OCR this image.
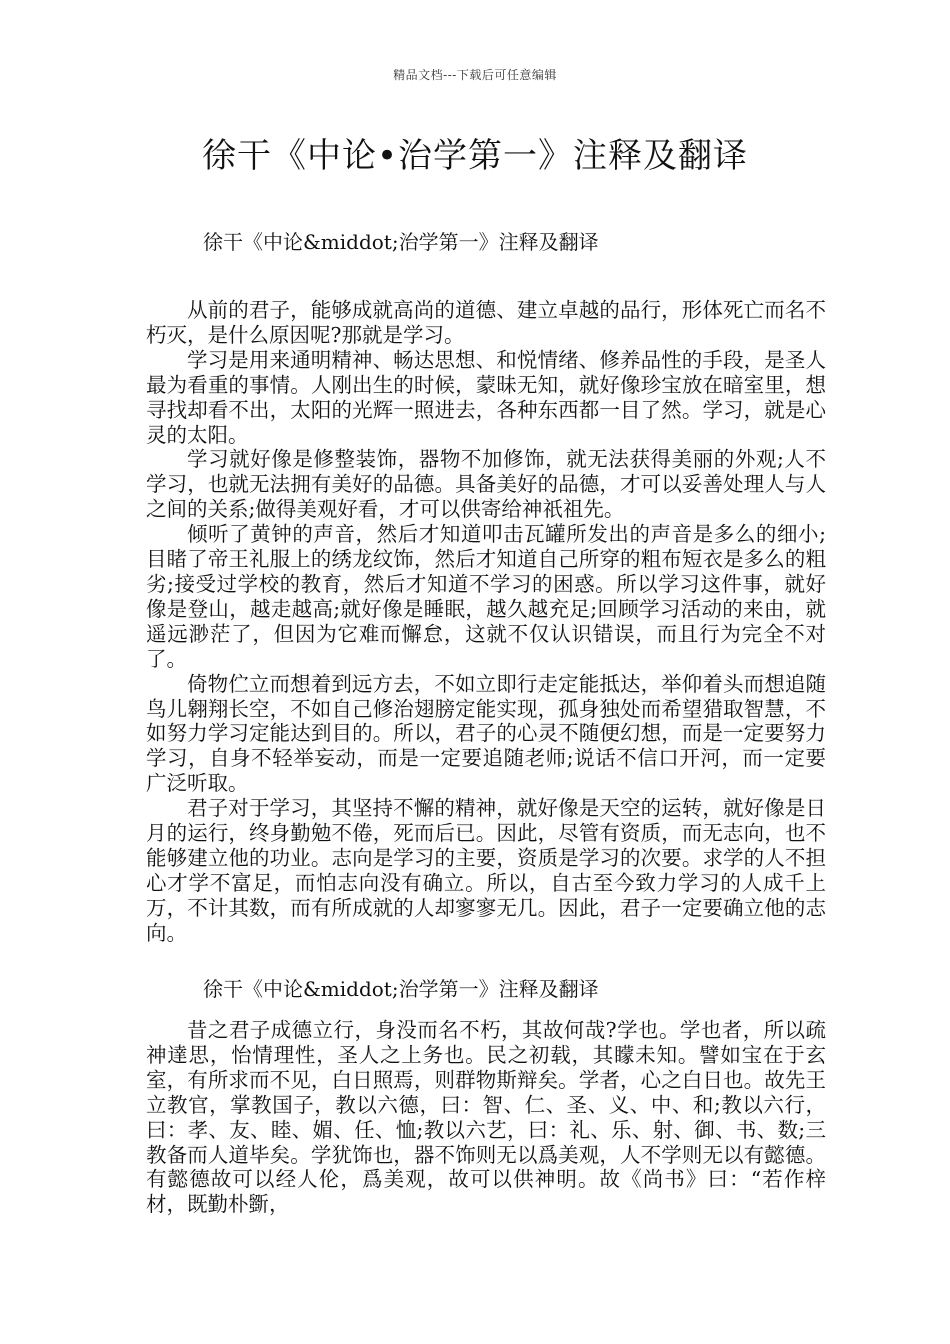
精品文档---下载后可任意编辑
徐干《中论•治学第一》注释及翻译

徐干《中论&middot;治学第一》注释及翻译

从前的君子，能够成就高尚的道德、建立卓越的品行，形体死亡而名不朽灭，是什么原因呢?那就是学习。

学习是用来通明精神、畅达思想、和悦情绪、修养品性的手段，是圣人最为看重的事情。人刚出生的时候，蒙昧无知，就好像珍宝放在暗室里，想寻找却看不出，太阳的光辉一照进去，各种东西都一目了然。学习，就是心灵的太阳。

学习就好像是修整装饰，器物不加修饰，就无法获得美丽的外观;人不学习，也就无法拥有美好的品德。具备美好的品德，才可以妥善处理人与人之间的关系;做得美观好看，才可以供寄给神祇祖先。

倾听了黄钟的声音，然后才知道叩击瓦罐所发出的声音是多么的细小;目睹了帝王礼服上的绣龙纹饰，然后才知道自己所穿的粗布短衣是多么的粗劣;接受过学校的教育，然后才知道不学习的困惑。所以学习这件事，就好像是登山，越走越高;就好像是睡眠，越久越充足;回顾学习活动的来由，就遥远渺茫了，但因为它难而懈怠，这就不仅认识错误，而且行为完全不对了。

倚物伫立而想着到远方去，不如立即行走定能抵达，举仰着头而想追随鸟儿翱翔长空，不如自己修治翅膀定能实现，孤身独处而希望猎取智慧，不如努力学习定能达到目的。所以，君子的心灵不随便幻想，而是一定要努力学习，自身不轻举妄动，而是一定要追随老师;说话不信口开河，而一定要广泛听取。

君子对于学习，其坚持不懈的精神，就好像是天空的运转，就好像是日月的运行，终身勤勉不倦，死而后已。因此，尽管有资质，而无志向，也不能够建立他的功业。志向是学习的主要，资质是学习的次要。求学的人不担心才学不富足，而怕志向没有确立。所以，自古至今致力学习的人成千上万，不计其数，而有所成就的人却寥寥无几。因此，君子一定要确立他的志向。

徐干《中论&middot;治学第一》注释及翻译

昔之君子成德立行，身没而名不朽，其故何哉?学也。学也者，所以疏神達思，怡情理性，圣人之上务也。民之初载，其矇未知。譬如宝在于玄室，有所求而不见，白日照焉，则群物斯辩矣。学者，心之白日也。故先王立教官，掌教国子，教以六德，曰：智、仁、圣、义、中、和;教以六行，曰：孝、友、睦、媚、任、恤;教以六艺，曰：礼、乐、射、御、书、数;三教备而人道毕矣。学犹饰也，器不饰则无以爲美观，人不学则无以有懿德。有懿德故可以经人伦，爲美观，故可以供神明。故《尚书》曰：“若作梓材，既勤朴斵，
